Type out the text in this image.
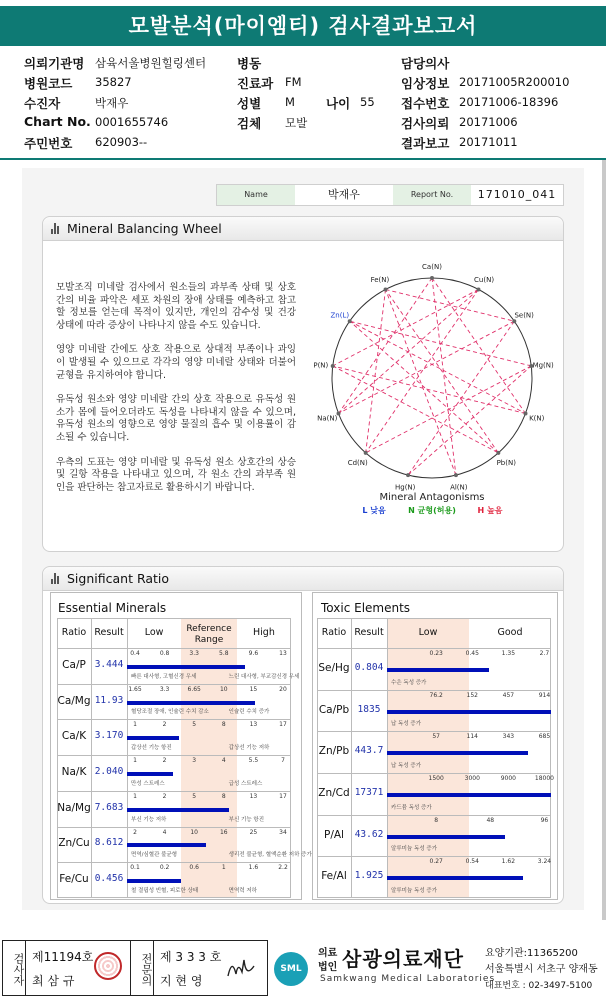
모발분석(마이엠티) 검사결과보고서
의뢰기관명 삼육서울병원힐링센터 병동	담당의사
병원코드 35827	진료과 FM	임상정보 20171005R200010
수진자	박재우	성별 M 나이 55 접수번호 20171006-18396
Chart No. 0001655746	검체 모발	검사의뢰 20171006
주민번호 620903--	결과보고 20171011
Name	박재우	Report No.	171010_041
Mineral Balancing Wheel

모발조직 미네랄 검사에서 원소들의 과부족 상태 및 상호간의 비율 파악은 세포 차원의 장애 상태를 예측하고 참고할 정보를 얻는데 목적이 있지만, 개인의 감수성 및 건강 상태에 따라 증상이 나타나지 않을 수도 있습니다.

영양 미네랄 간에도 상호 작용으로 상대적 부족이나 과잉이 발생될 수 있으므로 각각의 영양 미네랄 상태와 더불어 균형을 유지하여야 합니다.

유독성 원소와 영양 미네랄 간의 상호 작용으로 유독성 원소가 몸에 들어오더라도 독성을 나타내지 않을 수 있으며, 유독성 원소의 영향으로 영양 물질의 흡수 및 이용률이 감소될 수 있습니다.

우측의 도표는 영양 미네랄 및 유독성 원소 상호간의 상승 및 길항 작용을 나타내고 있으며, 각 원소 간의 과부족 원인을 판단하는 참고자료로 활용하시기 바랍니다.

Ca(N)
Cu(N)
Se(N)
Mg(N)
K(N)
Pb(N)
Al(N)
Hg(N)
Cd(N)
Na(N)
P(N)
Zn(L)
Fe(N)
Mineral Antagonisms
L 낮음	N 균형(허용)	H 높음
Significant Ratio
Essential Minerals	Toxic Elements
검사자 제11194호
최 삼 규	전문의 제 3 3 3 호
지 현 영
SML
의료
법인 삼광의료재단
Samkwang Medical Laboratories
요양기관:11365200
서울특별시 서초구 양재동
대표번호 : 02-3497-5100
Ratio Result	Low	Reference Range
High
Ca/P 3.444
0.4	0.8	3.3	5.8	9.6	13
빠른 대사형, 고혈신경 우세	느린 대사형, 부교감신경 우세
Ca/Mg 11.93
1.65	3.3	6.65	10	15	20
혈당조절 장애, 인슐린 수치 감소	인슐린 수치 증가
Ca/K 3.170
1	2	5	8	13	17
갑상선 기능 항진	갑상선 기능 저하
Na/K 2.040
1	2	3	4	5.5	7
만성 스트레스	급성 스트레스
Na/Mg 7.683
1	2	5	8	13	17
부신 기능 저하	부신 기능 항진
Zn/Cu 8.612
2	4	10	16	25	34
면역/심혈관 불균형	생리전 불균형, 혈액순환 저하 증가
Fe/Cu 0.456
0.1	0.2	0.6	1	1.6	2.2
철 결핍성 빈혈, 피로한 상태	면역력 저하
Ratio Result	Low	Good
Se/Hg 0.804
0.23	0.45	1.35	2.7
수은 독성 증가
Ca/Pb 1835
76.2	152	457	914
납 독성 증가
Zn/Pb 443.7
57	114	343	685
납 독성 증가
Zn/Cd 17371
1500	3000	9000	18000
카드뮴 독성 증가
P/Al	43.62
8	48	96
알루미늄 독성 증가
Fe/Al 1.925
0.27	0.54	1.62	3.24
알루미늄 독성 증가
